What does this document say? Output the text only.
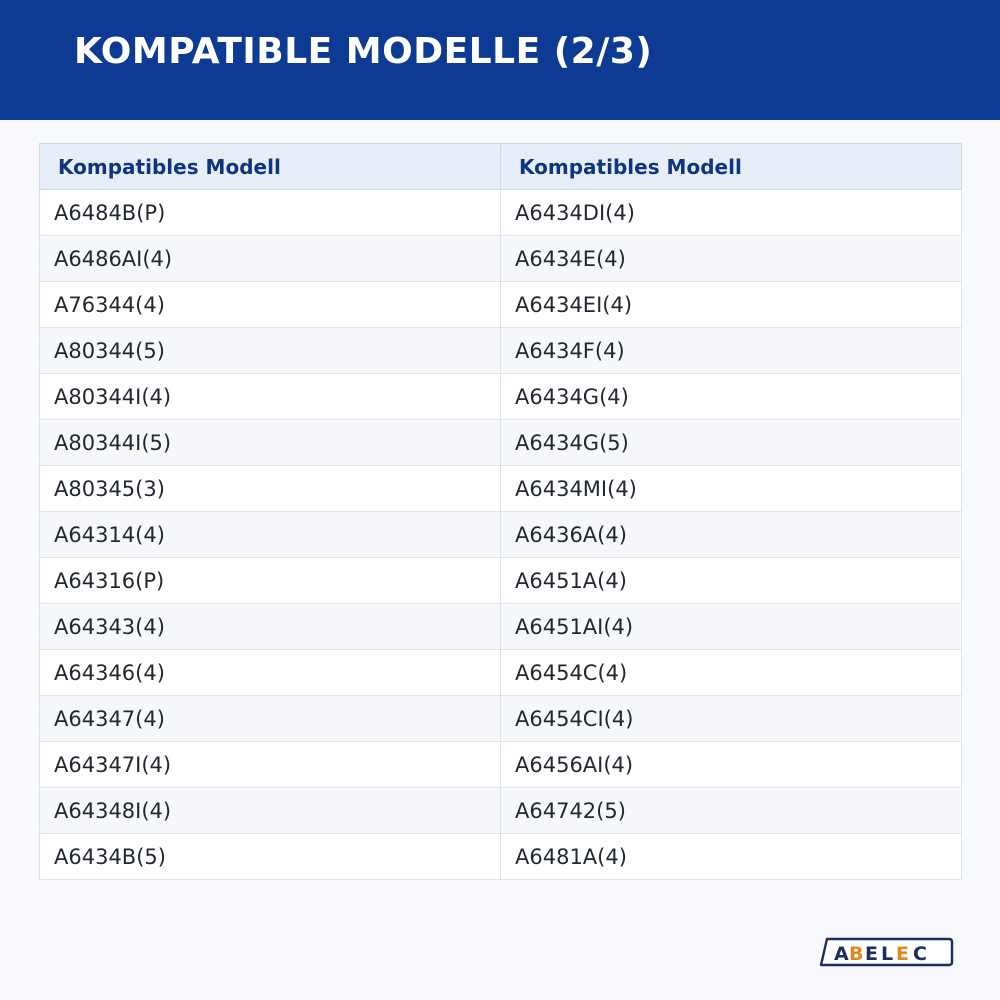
KOMPATIBLE MODELLE (2/3)
Kompatibles Modell	Kompatibles Modell
A6484B(P)	A6434DI(4)
A6486AI(4)	A6434E(4)
A76344(4)	A6434EI(4)
A80344(5)	A6434F(4)
A80344I(4)	A6434G(4)
A80344I(5)	A6434G(5)
A80345(3)	A6434MI(4)
A64314(4)	A6436A(4)
A64316(P)	A6451A(4)
A64343(4)	A6451AI(4)
A64346(4)	A6454C(4)
A64347(4)	A6454CI(4)
A64347I(4)	A6456AI(4)
A64348I(4)	A64742(5)
A6434B(5)	A6481A(4)
A B E L E C
